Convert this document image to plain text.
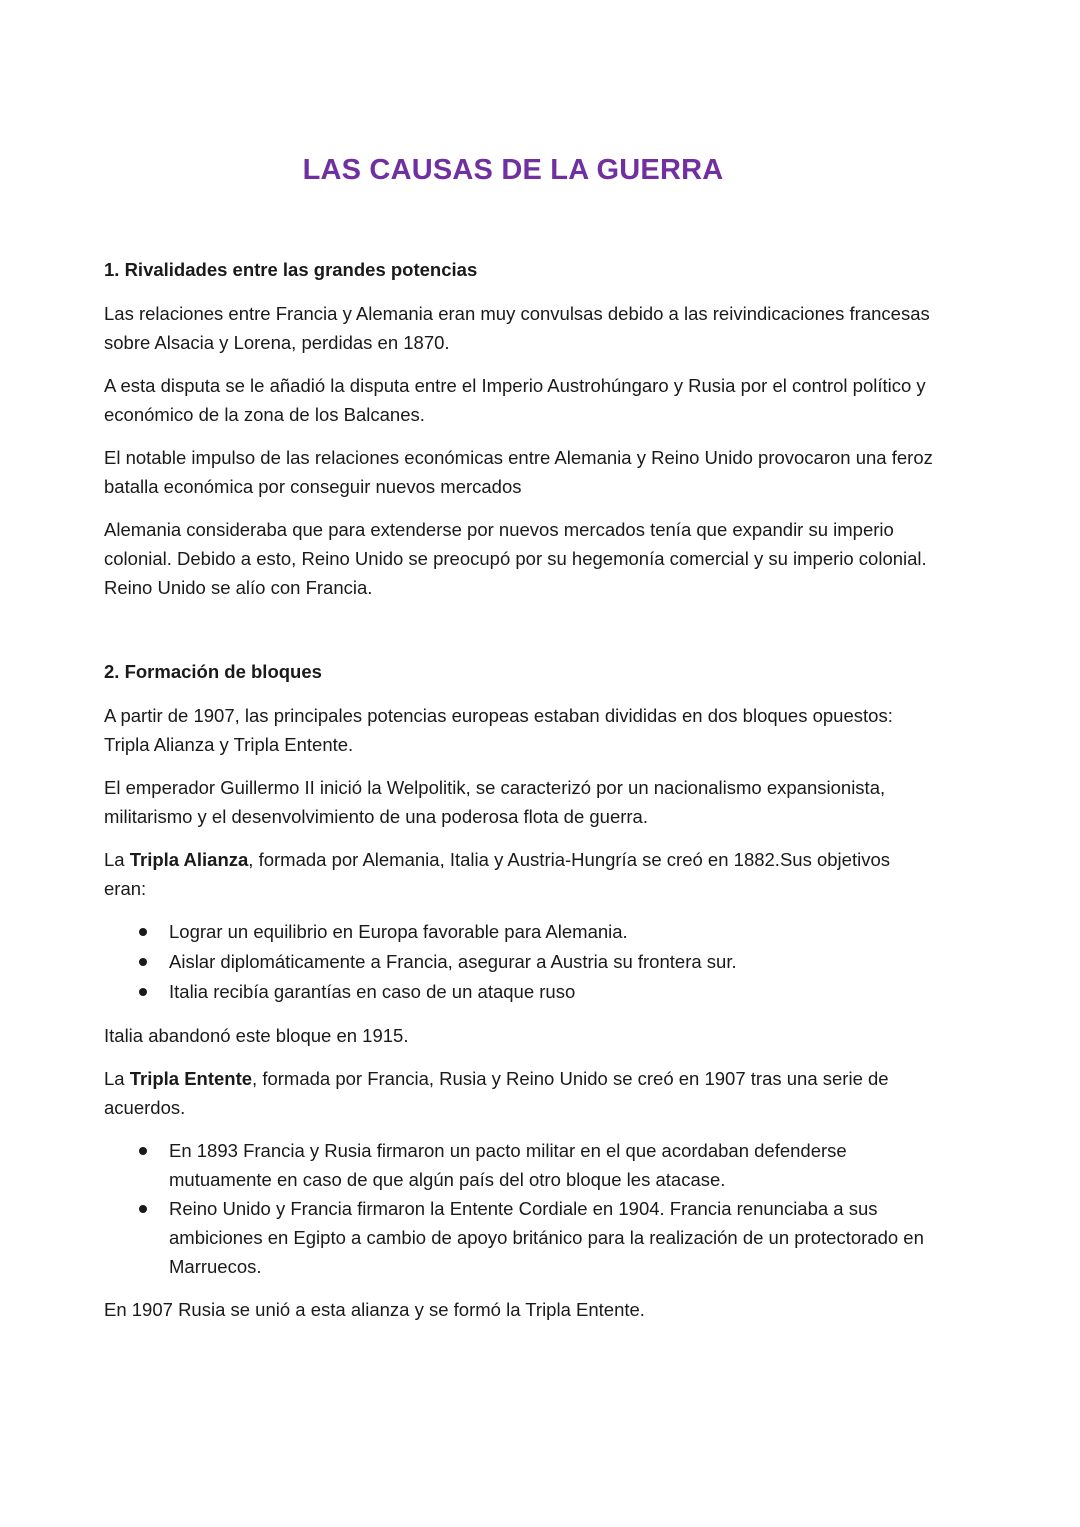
LAS CAUSAS DE LA GUERRA
1. Rivalidades entre las grandes potencias

Las relaciones entre Francia y Alemania eran muy convulsas debido a las reivindicaciones francesas sobre Alsacia y Lorena, perdidas en 1870.

A esta disputa se le añadió la disputa entre el Imperio Austrohúngaro y Rusia por el control político y económico de la zona de los Balcanes.

El notable impulso de las relaciones económicas entre Alemania y Reino Unido provocaron una feroz batalla económica por conseguir nuevos mercados

Alemania consideraba que para extenderse por nuevos mercados tenía que expandir su imperio colonial. Debido a esto, Reino Unido se preocupó por su hegemonía comercial y su imperio colonial. Reino Unido se alío con Francia.

2. Formación de bloques

A partir de 1907, las principales potencias europeas estaban divididas en dos bloques opuestos: Tripla Alianza y Tripla Entente.

El emperador Guillermo II inició la Welpolitik, se caracterizó por un nacionalismo expansionista, militarismo y el desenvolvimiento de una poderosa flota de guerra.

La Tripla Alianza, formada por Alemania, Italia y Austria-Hungría se creó en 1882.Sus objetivos eran:

Lograr un equilibrio en Europa favorable para Alemania.
Aislar diplomáticamente a Francia, asegurar a Austria su frontera sur.
Italia recibía garantías en caso de un ataque ruso

Italia abandonó este bloque en 1915.

La Tripla Entente, formada por Francia, Rusia y Reino Unido se creó en 1907 tras una serie de acuerdos.

En 1893 Francia y Rusia firmaron un pacto militar en el que acordaban defenderse mutuamente en caso de que algún país del otro bloque les atacase.
Reino Unido y Francia firmaron la Entente Cordiale en 1904. Francia renunciaba a sus ambiciones en Egipto a cambio de apoyo británico para la realización de un protectorado en Marruecos.

En 1907 Rusia se unió a esta alianza y se formó la Tripla Entente.
